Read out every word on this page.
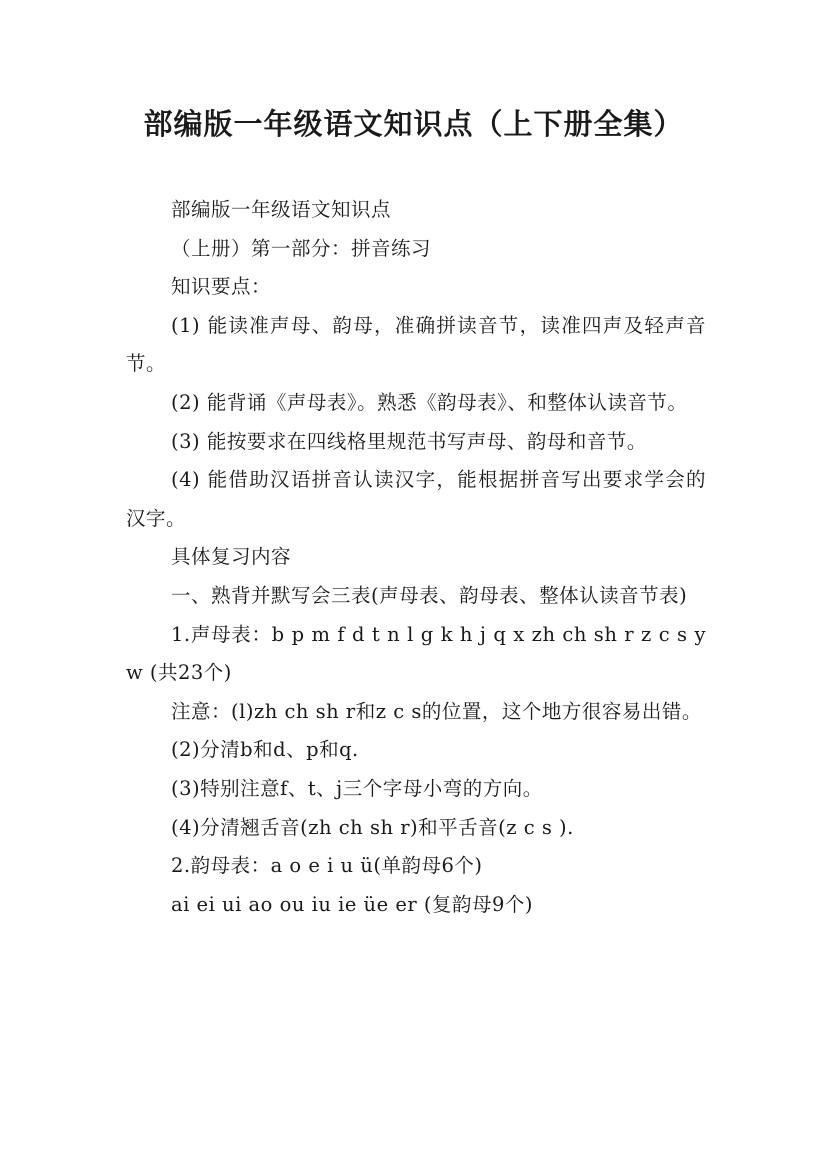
部编版一年级语文知识点（上下册全集）

部编版一年级语文知识点

（上册）第一部分：拼音练习

知识要点：

(1) 能读准声母、韵母，准确拼读音节，读准四声及轻声音节。

(2) 能背诵《声母表》。熟悉《韵母表》、和整体认读音节。

(3) 能按要求在四线格里规范书写声母、韵母和音节。

(4) 能借助汉语拼音认读汉字，能根据拼音写出要求学会的汉字。

具体复习内容

一、熟背并默写会三表(声母表、韵母表、整体认读音节表)

1.声母表：b p m f d t n l g k h j q x zh ch sh r z c s y w (共23个)

注意：(l)zh ch sh r和z c s的位置，这个地方很容易出错。

(2)分清b和d、p和q.

(3)特别注意f、t、j三个字母小弯的方向。

(4)分清翘舌音(zh ch sh r)和平舌音(z c s ).

2.韵母表：a o e i u ü(单韵母6个)

ai ei ui ao ou iu ie üe er (复韵母9个)
